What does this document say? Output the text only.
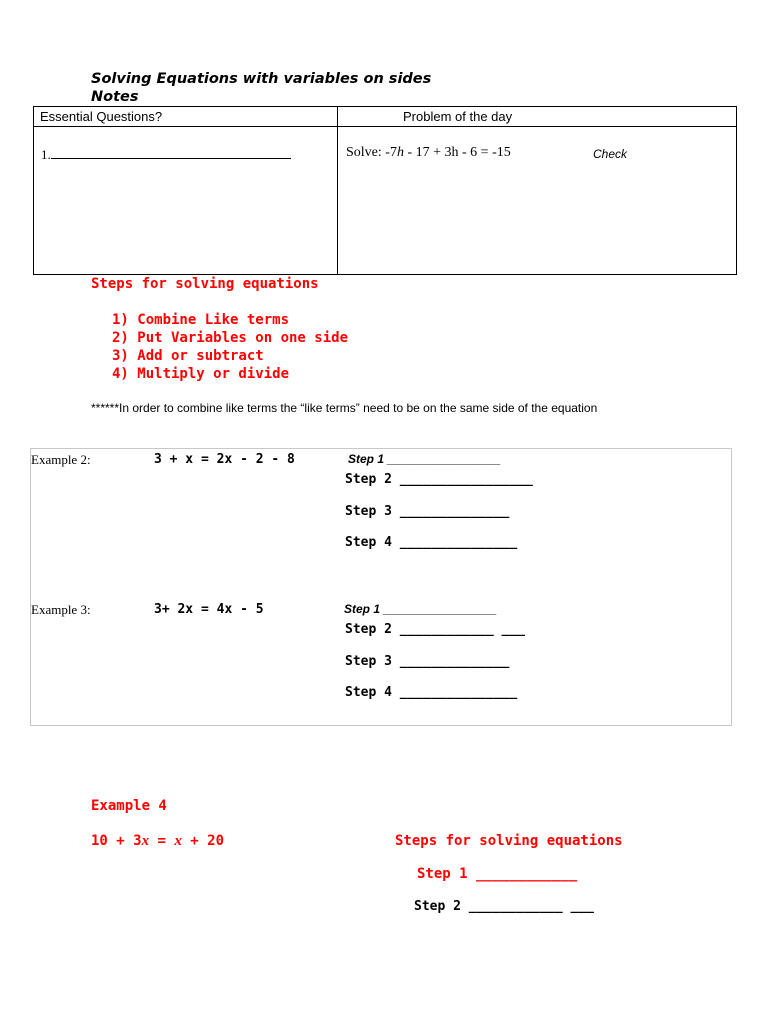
Solving Equations with variables on sides
Notes
Essential Questions?	Problem of the day
1.	Solve: -7h - 17 + 3h - 6 = -15	Check
Steps for solving equations
1) Combine Like terms
2) Put Variables on one side
3) Add or subtract
4) Multiply or divide
******In order to combine like terms the “like terms” need to be on the same side of the equation
Example 2:	3 + x = 2x - 2 - 8	Step 1 _________________
Step 2 _________________
Step 3 ______________
Step 4 _______________
Example 3:	3+ 2x = 4x - 5	Step 1 _________________
Step 2 ____________ ___
Step 3 ______________
Step 4 _______________
Example 4
10 + 3x = x + 20	Steps for solving equations
Step 1 ____________
Step 2 ____________ ___
